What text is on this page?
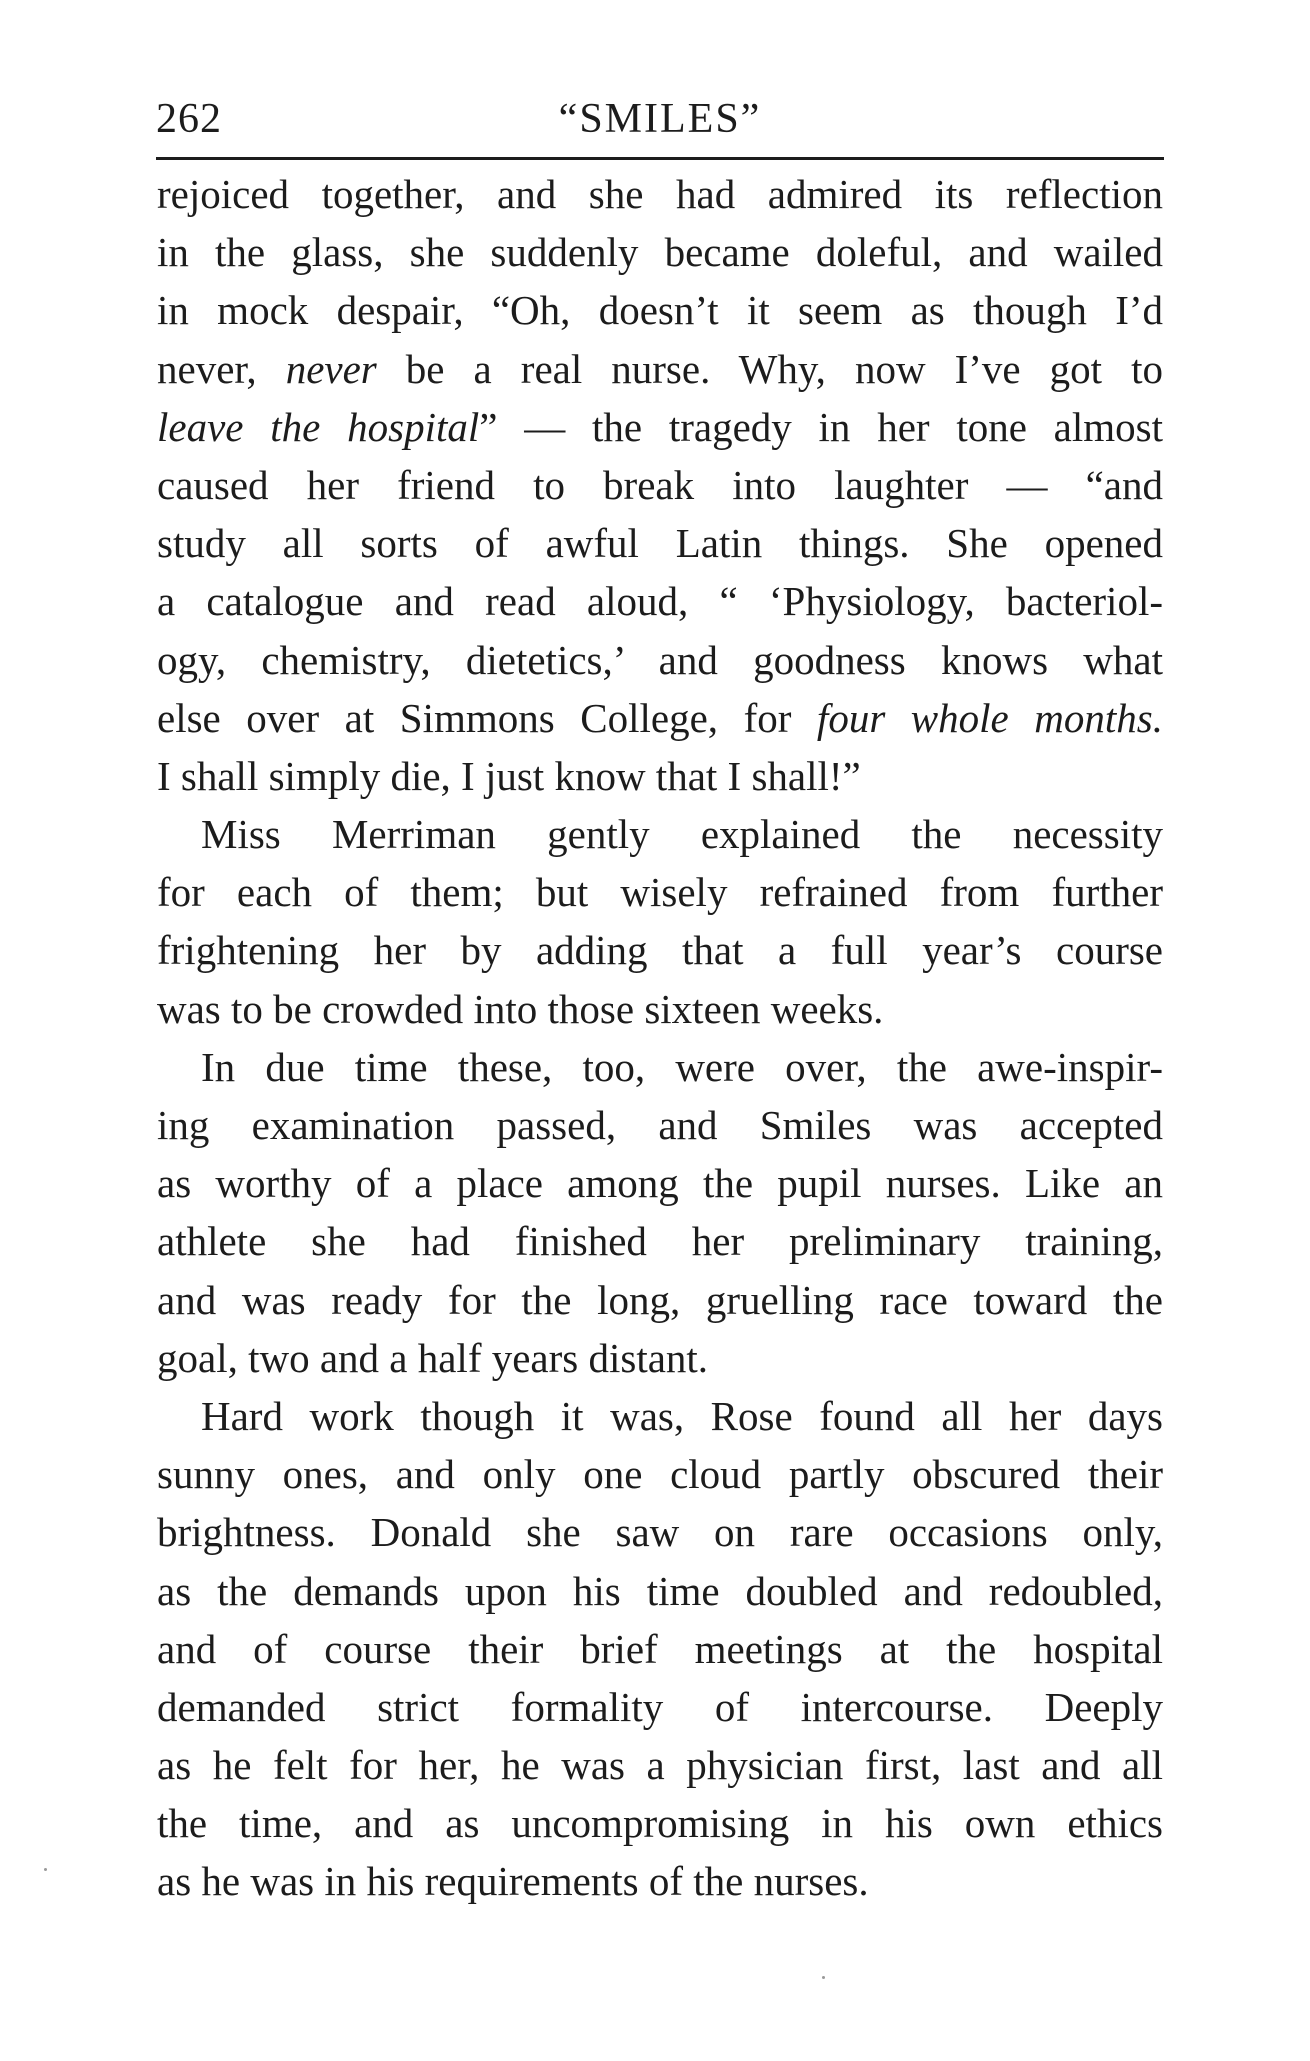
262	“SMILES”
rejoiced together, and she had admired its reflection
in the glass, she suddenly became doleful, and wailed
in mock despair, “Oh, doesn’t it seem as though I’d
never, never be a real nurse. Why, now I’ve got to
leave the hospital” — the tragedy in her tone almost
caused her friend to break into laughter — “and
study all sorts of awful Latin things. She opened
a catalogue and read aloud, “ ‘Physiology, bacteriol-
ogy, chemistry, dietetics,’ and goodness knows what
else over at Simmons College, for four whole months.
I shall simply die, I just know that I shall!”
Miss Merriman gently explained the necessity
for each of them; but wisely refrained from further
frightening her by adding that a full year’s course
was to be crowded into those sixteen weeks.
In due time these, too, were over, the awe-inspir-
ing examination passed, and Smiles was accepted
as worthy of a place among the pupil nurses. Like an
athlete she had finished her preliminary training,
and was ready for the long, gruelling race toward the
goal, two and a half years distant.
Hard work though it was, Rose found all her days
sunny ones, and only one cloud partly obscured their
brightness. Donald she saw on rare occasions only,
as the demands upon his time doubled and redoubled,
and of course their brief meetings at the hospital
demanded strict formality of intercourse. Deeply
as he felt for her, he was a physician first, last and all
the time, and as uncompromising in his own ethics
as he was in his requirements of the nurses.
